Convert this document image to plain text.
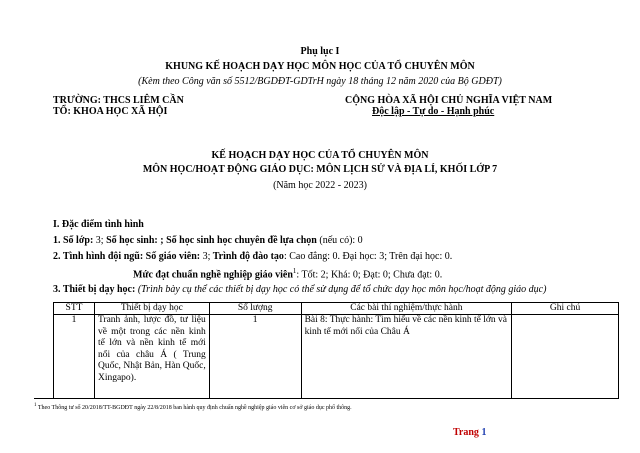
Phụ lục I
KHUNG KẾ HOẠCH DẠY HỌC MÔN HỌC CỦA TỔ CHUYÊN MÔN
(Kèm theo Công văn số 5512/BGDĐT-GDTrH ngày 18 tháng 12 năm 2020 của Bộ GDĐT)
TRƯỜNG: THCS LIÊM CẦN
TỔ: KHOA HỌC XÃ HỘI
CỘNG HÒA XÃ HỘI CHỦ NGHĨA VIỆT NAM
Độc lập - Tự do - Hạnh phúc
KẾ HOẠCH DẠY HỌC CỦA TỔ CHUYÊN MÔN
MÔN HỌC/HOẠT ĐỘNG GIÁO DỤC: MÔN LỊCH SỬ VÀ ĐỊA LÍ, KHỐI LỚP 7
(Năm học 2022 - 2023)
I. Đặc điểm tình hình
1. Số lớp: 3; Số học sinh: ; Số học sinh học chuyên đề lựa chọn (nếu có): 0
2. Tình hình đội ngũ: Số giáo viên: 3; Trình độ đào tạo: Cao đẳng: 0. Đại học: 3; Trên đại học: 0.
Mức đạt chuẩn nghề nghiệp giáo viên$^1$: Tốt: 2; Khá: 0; Đạt: 0; Chưa đạt: 0.
3. Thiết bị dạy học: (Trình bày cụ thể các thiết bị dạy học có thể sử dụng để tổ chức dạy học môn học/hoạt động giáo dục)
STT	Thiết bị dạy học	Số lượng	Các bài thí nghiệm/thực hành	Ghi chú
1	Tranh ảnh, lược đồ, tư liệu về một trong các nền kinh tế lớn và nền kinh tế mới nổi của châu Á ( Trung Quốc, Nhật Bản, Hàn Quốc, Xingapo).	1	Bài 8: Thực hành: Tìm hiểu về các nền kinh tế lớn và kinh tế mới nổi của Châu Á	
$^1$ Theo Thông tư số 20/2018/TT-BGDĐT ngày 22/8/2018 ban hành quy định chuẩn nghề nghiệp giáo viên cơ sở giáo dục phổ thông.
Trang 1
